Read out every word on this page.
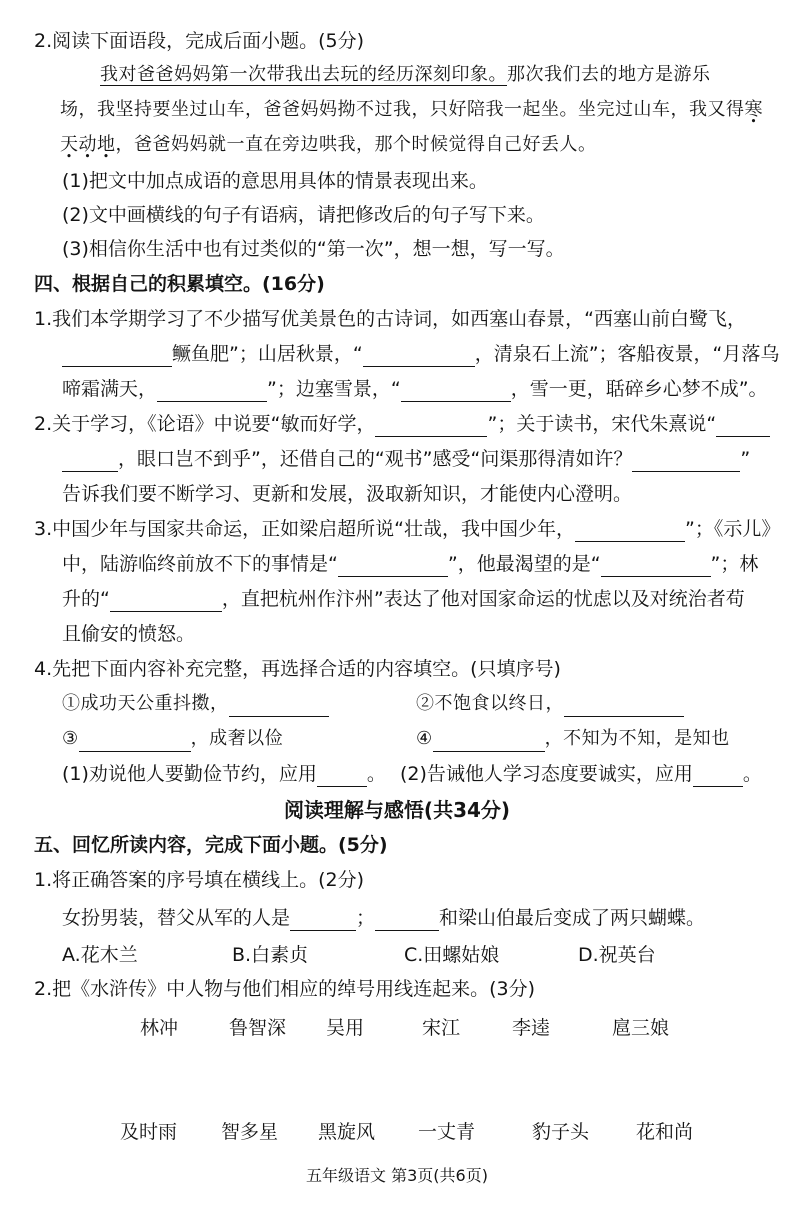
2.阅读下面语段，完成后面小题。(5分)
我对爸爸妈妈第一次带我出去玩的经历深刻印象。那次我们去的地方是游乐
场，我坚持要坐过山车，爸爸妈妈拗不过我，只好陪我一起坐。坐完过山车，我又得寒
天动地，爸爸妈妈就一直在旁边哄我，那个时候觉得自己好丢人。
(1)把文中加点成语的意思用具体的情景表现出来。
(2)文中画横线的句子有语病，请把修改后的句子写下来。
(3)相信你生活中也有过类似的“第一次”，想一想，写一写。
四、根据自己的积累填空。(16分)
1.我们本学期学习了不少描写优美景色的古诗词，如西塞山春景，“西塞山前白鹭飞，
鳜鱼肥”；山居秋景，“	，清泉石上流”；客船夜景，“月落乌
啼霜满天，	”；边塞雪景，“	，雪一更，聒碎乡心梦不成”。
2.关于学习，《论语》中说要“敏而好学，	”；关于读书，宋代朱熹说“
，眼口岂不到乎”，还借自己的“观书”感受“问渠那得清如许？	”
告诉我们要不断学习、更新和发展，汲取新知识，才能使内心澄明。
3.中国少年与国家共命运，正如梁启超所说“壮哉，我中国少年，	”；《示儿》
中，陆游临终前放不下的事情是“	”，他最渴望的是“	”；林
升的“	，直把杭州作汴州”表达了他对国家命运的忧虑以及对统治者苟
且偷安的愤怒。
4.先把下面内容补充完整，再选择合适的内容填空。(只填序号)
①成功天公重抖擞，	②不饱食以终日，
③	，成奢以俭	④	，不知为不知，是知也
(1)劝说他人要勤俭节约，应用	。 (2)告诫他人学习态度要诚实，应用	。
阅读理解与感悟(共34分)
五、回忆所读内容，完成下面小题。(5分)
1.将正确答案的序号填在横线上。(2分)
女扮男装，替父从军的人是	；	和梁山伯最后变成了两只蝴蝶。
A.花木兰	B.白素贞	C.田螺姑娘	D.祝英台
2.把《水浒传》中人物与他们相应的绰号用线连起来。(3分)
林冲	鲁智深 吴用	宋江	李逵	扈三娘
及时雨 智多星 黑旋风 一丈青	豹子头 花和尚
五年级语文 第3页(共6页)
